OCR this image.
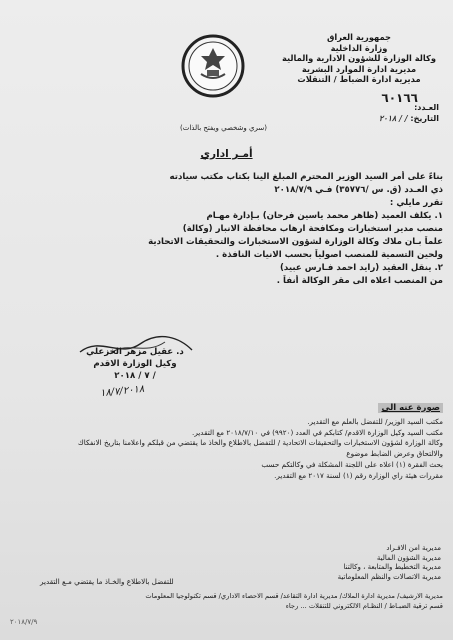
جمهورية العراق
وزارة الداخلية
وكالة الوزارة للشؤون الادارية والمالية
مديرية ادارة الموارد البشرية
مديرية ادارة الضباط / التنقلات
٦٠١٦٦
العـدد:
التاريخ: / / ٢٠١٨
(سري وشخصي ويفتح بالذات)
أمـر اداري
بناءً على أمر السيد الوزير المحترم المبلغ الينا بكتاب مكتب سيادته
ذي العـدد (ق. س /٣٥٧٧٦) فـي ٢٠١٨/٧/٩
تقرر مايلي :
١. يكلف العميد (ظاهر محمد ياسين فرحان) بـإدارة مهـام
منصب مدير استخبارات ومكافحة ارهاب محافظة الانبار (وكالة)
علماً بـان ملاك وكالة الوزارة لشؤون الاستخبارات والتحقيقات الاتحادية
ولحين التسمية للمنصب اصولياً بحسب الانيات النافذة .
٢. ينقل العقيد (رايد احمد فـارس عبيد)
من المنصب اعلاه الى مقر الوكالة أنفاً .
د. عقيل مزهر الخزعلي
وكيل الوزارة الاقدم
/ ٧ / ٢٠١٨
١٨/٧/٢٠١٨
صورة عنه الى
مكتب السيد الوزير/ للتفضل بالعلم مع التقدير.
مكتب السيد وكيل الوزارة الاقدم/ كتابكم في العدد (٩٩٢٠) في ٢٠١٨/٧/١٠ مع التقدير.
وكالة الوزارة لشؤون الاستخبارات والتحقيقات الاتحادية / للتفضل بالاطلاع والخاذ ما يقتضي من قبلكم واعلامنا بتاريخ الانفكاك
والالتحاق وعرض الضابط موضوع
بحث الفقرة (١) اعلاه على اللجنة المشكلة في وكالتكم حسب
مقررات هيئة راي الوزارة رقم (١) لسنة ٢٠١٧ مع التقدير.
مديرية امن الافـراد
مديرية الشؤون المالية
مديرية التخطيط والمتابعة ، وكالتنا
مديرية الاتصالات والنظم المعلوماتية
للتفضل بالاطلاع والخـاذ ما يقتضي مـع التقدير
مديرية الارشيف/ مديرية ادارة الملاك/ مديرية ادارة التقاعد/ قسم الاحصاء الاداري/ قسم تكنولوجيا المعلومات
قسم ترقية الضبـاط / النظـام الالكتروني للتنقلات ... رجاء
٢٠١٨/٧/٩
